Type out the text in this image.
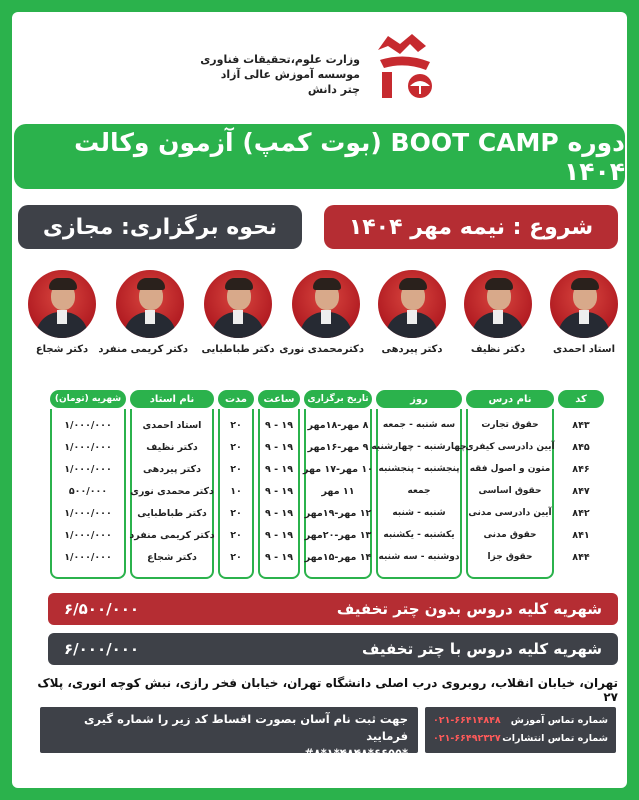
وزارت علوم،تحقیقات فناوری
موسسه آموزش عالی آزاد
چتر دانش
دوره BOOT CAMP (بوت کمپ) آزمون وکالت ۱۴۰۴
شروع : نیمه مهر ۱۴۰۴
نحوه برگزاری: مجازی
استاد احمدی
دکتر نظیف
دکتر پیردهی
دکترمحمدی نوری
دکتر طباطبایی
دکتر کریمی منفرد
دکتر شجاع
کد
نام درس
روز
تاریخ برگزاری
ساعت
مدت
نام استاد
شهریه (تومان)
۸۴۳
حقوق تجارت
سه شنبه - جمعه
۸ مهر-۱۸مهر
۱۹ - ۹
۲۰
استاد احمدی
۱/۰۰۰/۰۰۰
۸۴۵
آیین دادرسی کیفری
چهارشنبه - چهارشنبه
۹ مهر-۱۶مهر
۱۹ - ۹
۲۰
دکتر نظیف
۱/۰۰۰/۰۰۰
۸۴۶
متون و اصول فقه
پنجشنبه - پنجشنبه
۱۰ مهر-۱۷ مهر
۱۹ - ۹
۲۰
دکتر پیردهی
۱/۰۰۰/۰۰۰
۸۴۷
حقوق اساسی
جمعه
۱۱ مهر
۱۹ - ۹
۱۰
دکتر محمدی نوری
۵۰۰/۰۰۰
۸۴۲
آیین دادرسی مدنی
شنبه - شنبه
۱۲ مهر-۱۹مهر
۱۹ - ۹
۲۰
دکتر طباطبایی
۱/۰۰۰/۰۰۰
۸۴۱
حقوق مدنی
یکشنبه - یکشنبه
۱۳ مهر-۲۰مهر
۱۹ - ۹
۲۰
دکتر کریمی منفرد
۱/۰۰۰/۰۰۰
۸۴۴
حقوق جزا
دوشنبه - سه شنبه
۱۴ مهر-۱۵مهر
۱۹ - ۹
۲۰
دکتر شجاع
۱/۰۰۰/۰۰۰
شهریه کلیه دروس بدون چتر تخفیف
۶/۵۰۰/۰۰۰
شهریه کلیه دروس با چتر تخفیف
۶/۰۰۰/۰۰۰
تهران، خیابان انقلاب، روبروی درب اصلی دانشگاه تهران، خیابان فخر رازی، نبش کوچه انوری، پلاک ۲۷
جهت ثبت نام آسان بصورت اقساط کد زیر را شماره گیری فرمایید
#۸*۱*۴۸۴۸*۶۶۵۵*
شماره تماس آموزش
۰۲۱-۶۶۴۱۴۸۴۸
شماره تماس انتشارات
۰۲۱-۶۶۴۹۲۳۲۷
